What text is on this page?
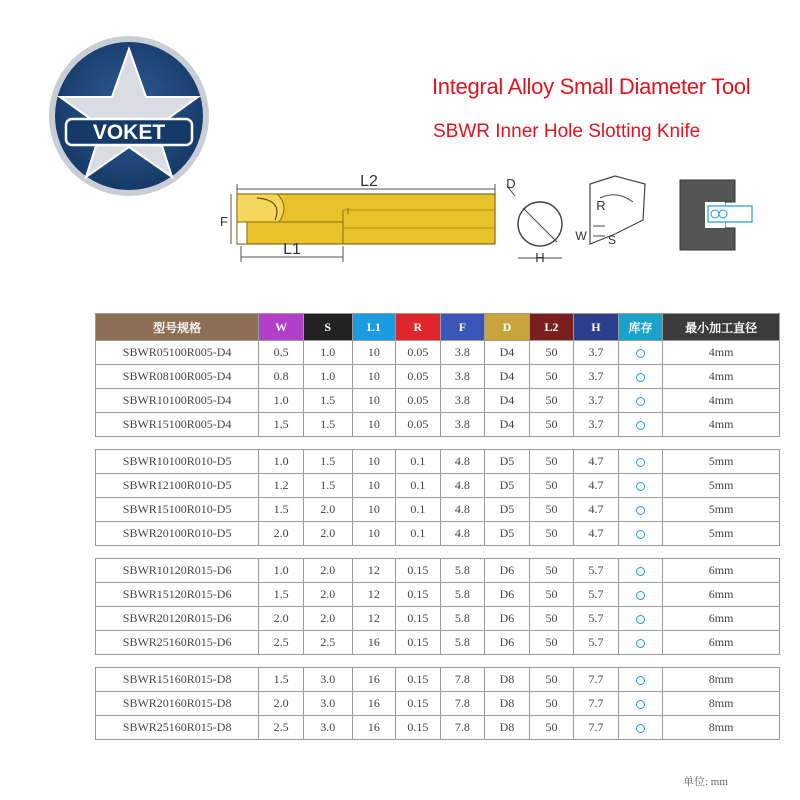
VOKET
Integral Alloy Small Diameter Tool
SBWR Inner Hole Slotting Knife
L2
F
L1
D
H
R
W S
型号规格	W	S	L1	R	F	D	L2	H	库存	最小加工直径
SBWR05100R005-D4	0.5	1.0	10	0.05	3.8	D4	50	3.7		4mm
SBWR08100R005-D4	0.8	1.0	10	0.05	3.8	D4	50	3.7		4mm
SBWR10100R005-D4	1.0	1.5	10	0.05	3.8	D4	50	3.7		4mm
SBWR15100R005-D4	1.5	1.5	10	0.05	3.8	D4	50	3.7		4mm

SBWR10100R010-D5	1.0	1.5	10	0.1	4.8	D5	50	4.7		5mm
SBWR12100R010-D5	1.2	1.5	10	0.1	4.8	D5	50	4.7		5mm
SBWR15100R010-D5	1.5	2.0	10	0.1	4.8	D5	50	4.7		5mm
SBWR20100R010-D5	2.0	2.0	10	0.1	4.8	D5	50	4.7		5mm

SBWR10120R015-D6	1.0	2.0	12	0.15	5.8	D6	50	5.7		6mm
SBWR15120R015-D6	1.5	2.0	12	0.15	5.8	D6	50	5.7		6mm
SBWR20120R015-D6	2.0	2.0	12	0.15	5.8	D6	50	5.7		6mm
SBWR25160R015-D6	2.5	2.5	16	0.15	5.8	D6	50	5.7		6mm

SBWR15160R015-D8	1.5	3.0	16	0.15	7.8	D8	50	7.7		8mm
SBWR20160R015-D8	2.0	3.0	16	0.15	7.8	D8	50	7.7		8mm
SBWR25160R015-D8	2.5	3.0	16	0.15	7.8	D8	50	7.7		8mm
单位: mm
